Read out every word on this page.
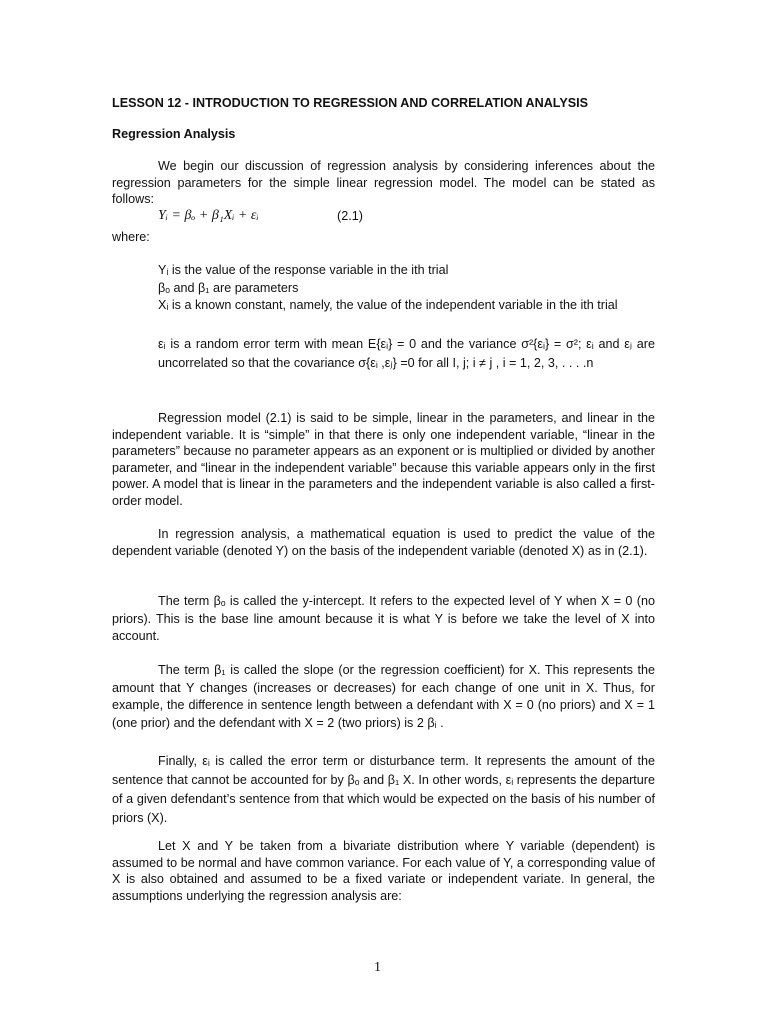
LESSON 12 - INTRODUCTION TO REGRESSION AND CORRELATION ANALYSIS
Regression Analysis
We begin our discussion of regression analysis by considering inferences about the regression parameters for the simple linear regression model. The model can be stated as follows:
Yᵢ = βₒ + β₁Xᵢ + εᵢ	(2.1)
where:
Yᵢ is the value of the response variable in the ith trial
βₒ and β₁ are parameters
Xᵢ is a known constant, namely, the value of the independent variable in the ith trial
εᵢ is a random error term with mean E{εᵢ} = 0 and the variance σ²{εᵢ} = σ²; εᵢ and εⱼ are uncorrelated so that the covariance σ{εᵢ ,εⱼ} =0 for all I, j; i ≠ j , i = 1, 2, 3, . . . .n
Regression model (2.1) is said to be simple, linear in the parameters, and linear in the independent variable. It is “simple” in that there is only one independent variable, “linear in the parameters” because no parameter appears as an exponent or is multiplied or divided by another parameter, and “linear in the independent variable” because this variable appears only in the first power. A model that is linear in the parameters and the independent variable is also called a first-order model.
In regression analysis, a mathematical equation is used to predict the value of the dependent variable (denoted Y) on the basis of the independent variable (denoted X) as in (2.1).
The term βₒ is called the y-intercept. It refers to the expected level of Y when X = 0 (no priors). This is the base line amount because it is what Y is before we take the level of X into account.
The term β₁ is called the slope (or the regression coefficient) for X. This represents the amount that Y changes (increases or decreases) for each change of one unit in X. Thus, for example, the difference in sentence length between a defendant with X = 0 (no priors) and X = 1 (one prior) and the defendant with X = 2 (two priors) is 2 βᵢ .
Finally, εᵢ is called the error term or disturbance term. It represents the amount of the sentence that cannot be accounted for by βₒ and β₁ X. In other words, εᵢ represents the departure of a given defendant’s sentence from that which would be expected on the basis of his number of priors (X).
Let X and Y be taken from a bivariate distribution where Y variable (dependent) is assumed to be normal and have common variance. For each value of Y, a corresponding value of X is also obtained and assumed to be a fixed variate or independent variate. In general, the assumptions underlying the regression analysis are:
1
